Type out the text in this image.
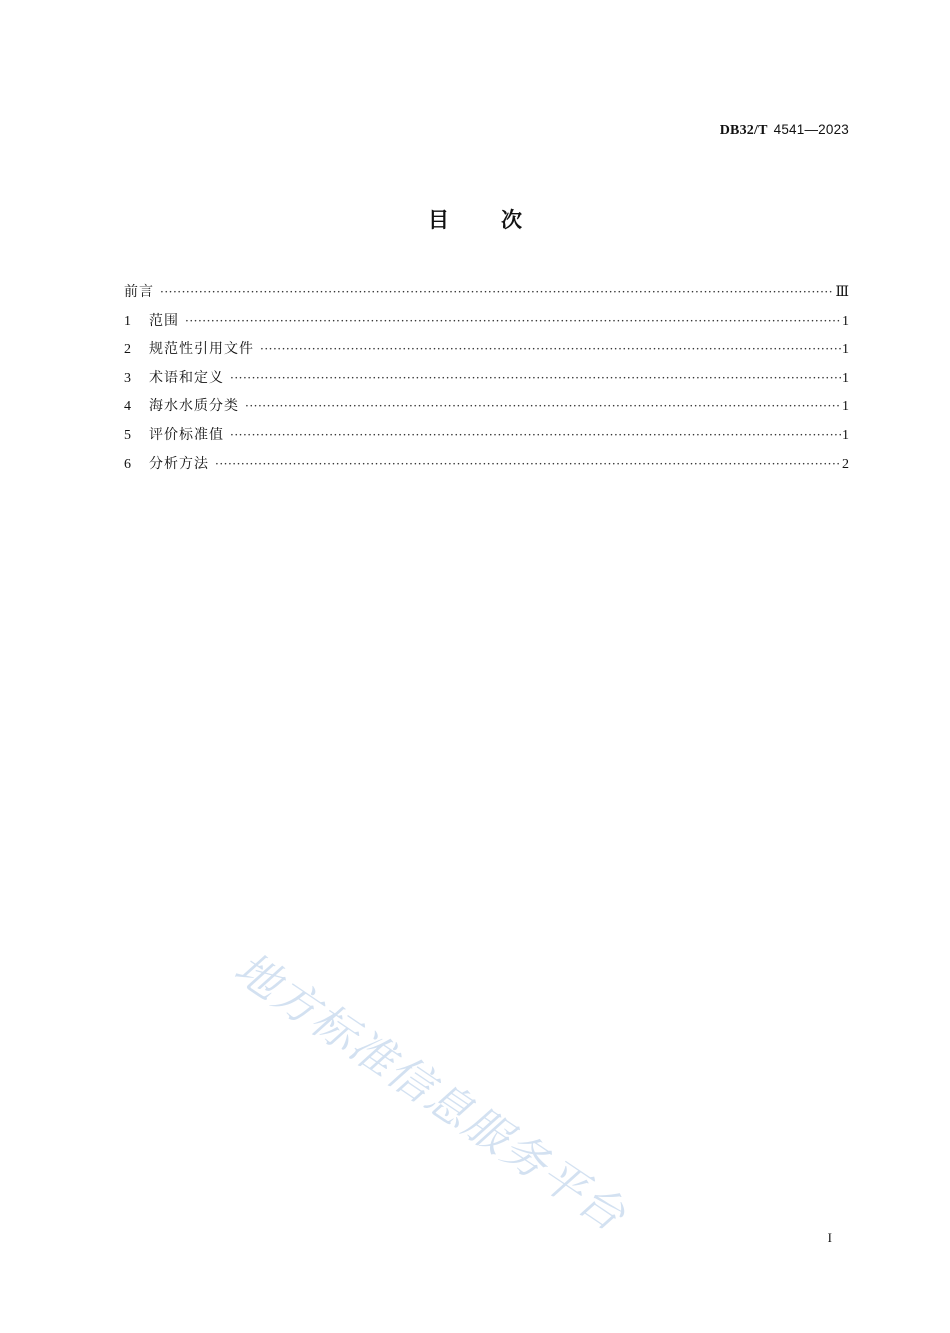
DB32/T 4541—2023
目次
前言 ·····	Ⅲ
1	范围 ·····	1
2	规范性引用文件 ·····	1
3	术语和定义 ·····	1
4	海水水质分类 ·····	1
5	评价标准值 ·····	1
6	分析方法 ·····	2
地方标准信息服务平台	I
